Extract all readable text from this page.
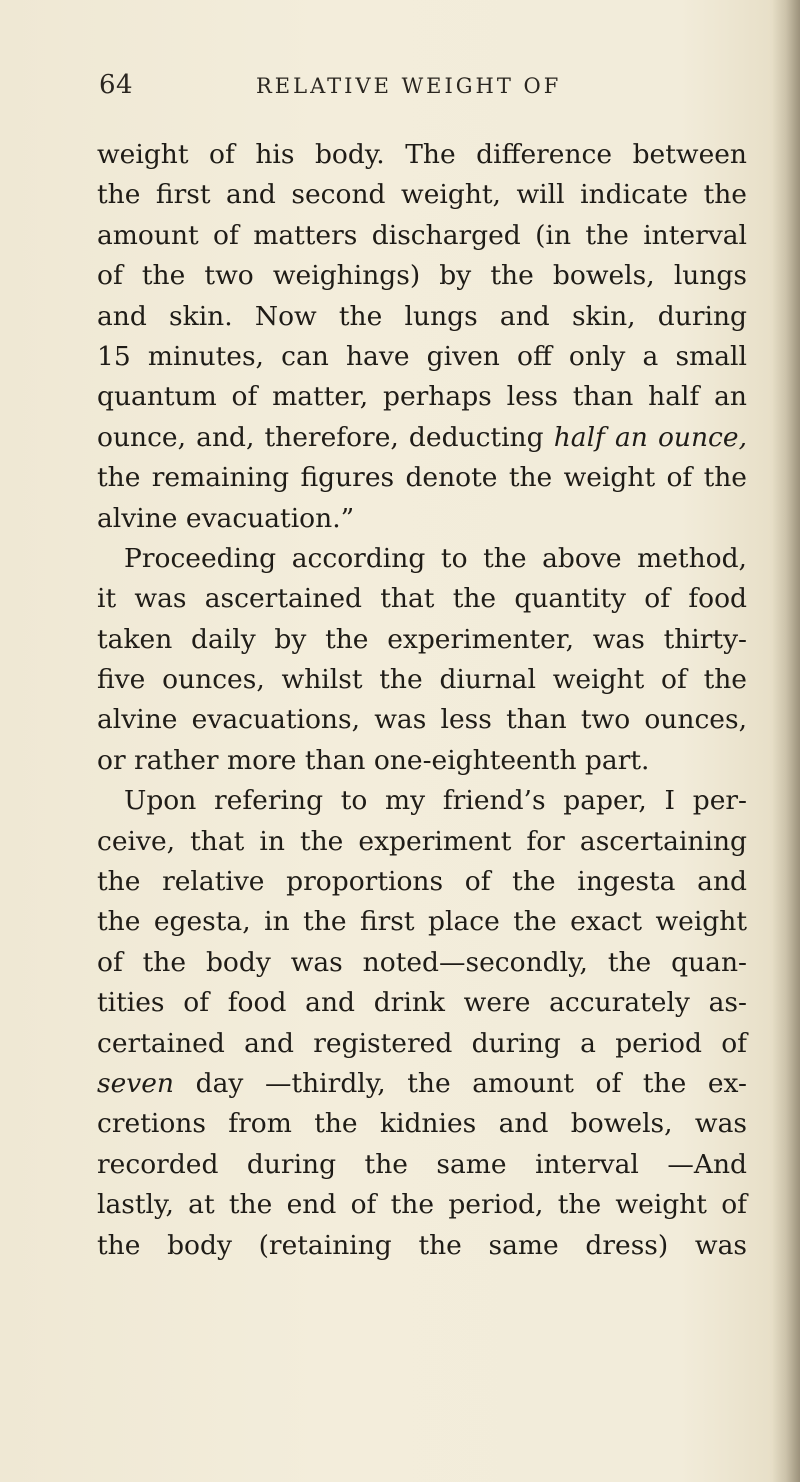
64	RELATIVE WEIGHT OF
weight of his body. The difference between
the first and second weight, will indicate the
amount of matters discharged (in the interval
of the two weighings) by the bowels, lungs
and skin. Now the lungs and skin, during
15 minutes, can have given off only a small
quantum of matter, perhaps less than half an
ounce, and, therefore, deducting half an ounce,
the remaining figures denote the weight of the
alvine evacuation.”
Proceeding according to the above method,
it was ascertained that the quantity of food
taken daily by the experimenter, was thirty-
five ounces, whilst the diurnal weight of the
alvine evacuations, was less than two ounces,
or rather more than one-eighteenth part.
Upon refering to my friend’s paper, I per-
ceive, that in the experiment for ascertaining
the relative proportions of the ingesta and
the egesta, in the first place the exact weight
of the body was noted—secondly, the quan-
tities of food and drink were accurately as-
certained and registered during a period of
seven day —thirdly, the amount of the ex-
cretions from the kidnies and bowels, was
recorded during the same interval —And
lastly, at the end of the period, the weight of
the body (retaining the same dress) was
